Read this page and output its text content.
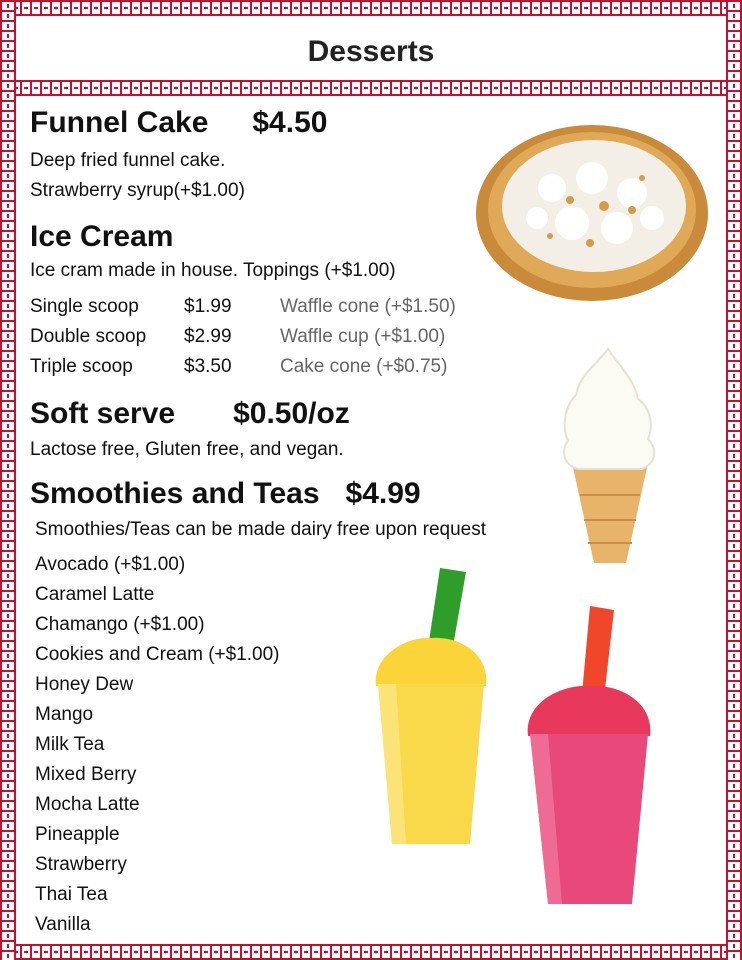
Desserts
Funnel Cake $4.50
Deep fried funnel cake.
Strawberry syrup(+$1.00)
Ice Cream
Ice cram made in house. Toppings (+$1.00)
Single scoop	$1.99	Waffle cone (+$1.50)
Double scoop	$2.99	Waffle cup (+$1.00)
Triple scoop	$3.50	Cake cone (+$0.75)
Soft serve $0.50/oz
Lactose free, Gluten free, and vegan.
Smoothies and Teas $4.99
Smoothies/Teas can be made dairy free upon request
Avocado (+$1.00)
Caramel Latte
Chamango (+$1.00)
Cookies and Cream (+$1.00)
Honey Dew
Mango
Milk Tea
Mixed Berry
Mocha Latte
Pineapple
Strawberry
Thai Tea
Vanilla
